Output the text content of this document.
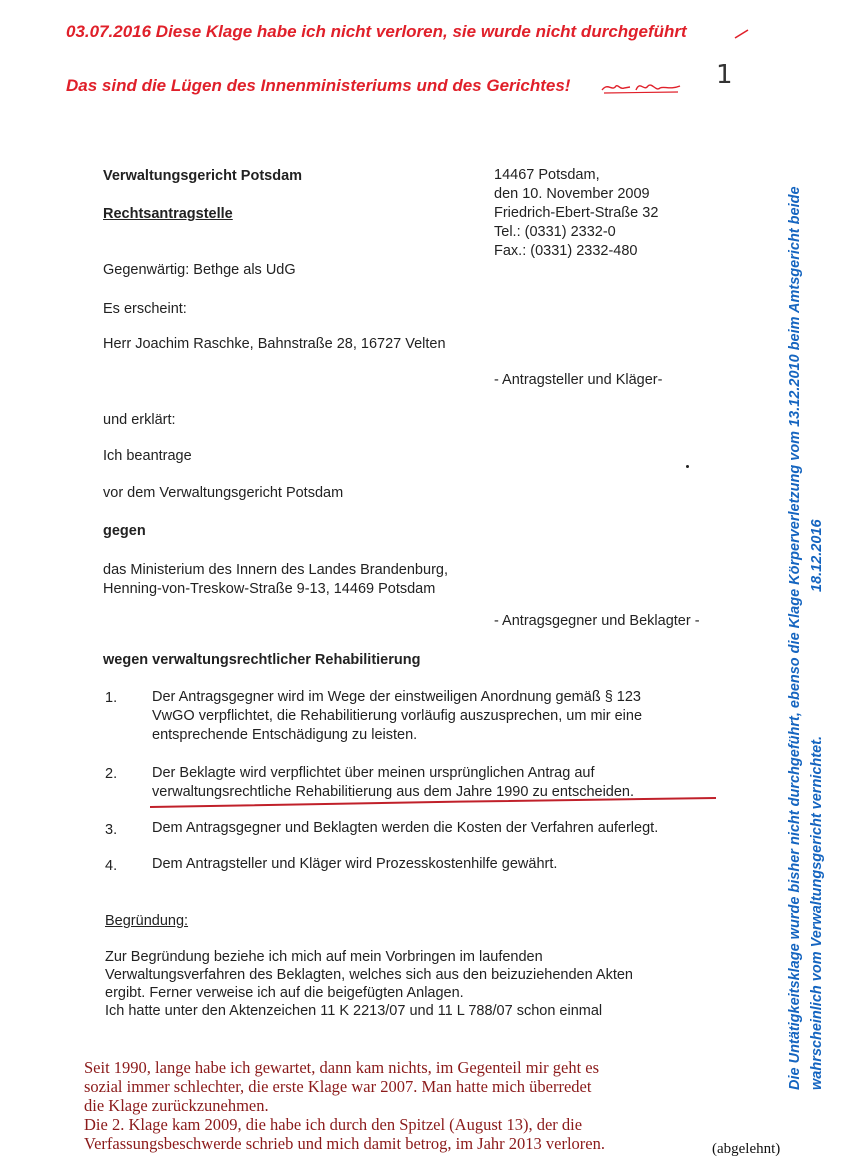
03.07.2016 Diese Klage habe ich nicht verloren, sie wurde nicht durchgeführt
Das sind die Lügen des Innenministeriums und des Gerichtes!	1
Verwaltungsgericht Potsdam
Rechtsantragstelle
14467 Potsdam,
den 10. November 2009
Friedrich-Ebert-Straße 32
Tel.: (0331) 2332-0
Fax.: (0331) 2332-480
Gegenwärtig: Bethge als UdG
Es erscheint:
Herr Joachim Raschke, Bahnstraße 28, 16727 Velten
- Antragsteller und Kläger-
und erklärt:
Ich beantrage
vor dem Verwaltungsgericht Potsdam
gegen
das Ministerium des Innern des Landes Brandenburg,
Henning-von-Treskow-Straße 9-13, 14469 Potsdam
- Antragsgegner und Beklagter -
wegen verwaltungsrechtlicher Rehabilitierung
1. Der Antragsgegner wird im Wege der einstweiligen Anordnung gemäß § 123
VwGO verpflichtet, die Rehabilitierung vorläufig auszusprechen, um mir eine
entsprechende Entschädigung zu leisten.
2. Der Beklagte wird verpflichtet über meinen ursprünglichen Antrag auf
verwaltungsrechtliche Rehabilitierung aus dem Jahre 1990 zu entscheiden.
3. Dem Antragsgegner und Beklagten werden die Kosten der Verfahren auferlegt.
4. Dem Antragsteller und Kläger wird Prozesskostenhilfe gewährt.
Begründung:
Zur Begründung beziehe ich mich auf mein Vorbringen im laufenden
Verwaltungsverfahren des Beklagten, welches sich aus den beizuziehenden Akten
ergibt. Ferner verweise ich auf die beigefügten Anlagen.
Ich hatte unter den Aktenzeichen 11 K 2213/07 und 11 L 788/07 schon einmal
Seit 1990, lange habe ich gewartet, dann kam nichts, im Gegenteil mir geht es
sozial immer schlechter, die erste Klage war 2007. Man hatte mich überredet
die Klage zurückzunehmen.
Die 2. Klage kam 2009, die habe ich durch den Spitzel (August 13), der die
Verfassungsbeschwerde schrieb und mich damit betrog, im Jahr 2013 verloren.	(abgelehnt)
Die Untätigkeitsklage wurde bisher nicht durchgeführt, ebenso die Klage Körperverletzung vom 13.12.2010 beim Amtsgericht beide wahrscheinlich vom Verwaltungsgericht vernichtet.
18.12.2016
